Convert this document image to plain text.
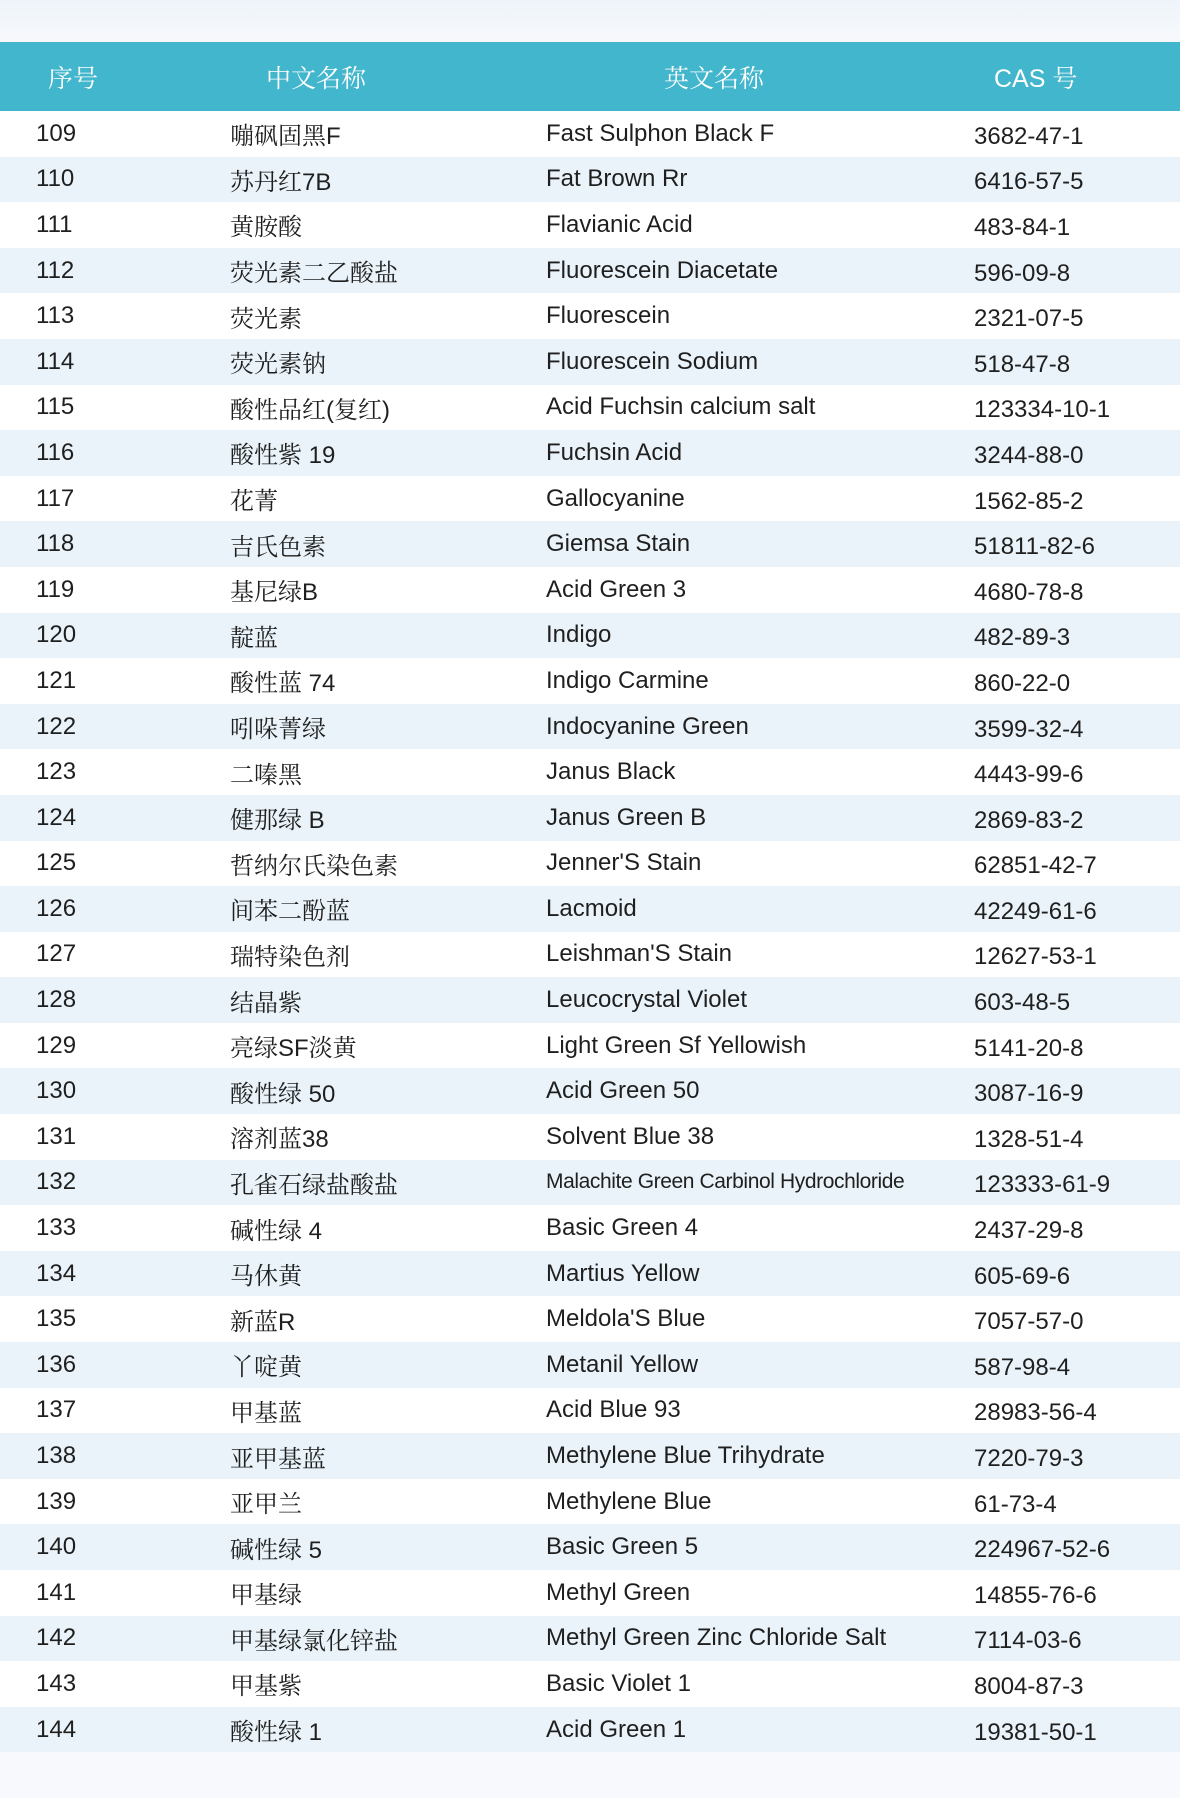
序号	中文名称	英文名称	CAS 号
109	嘣砜固黑F	Fast Sulphon Black F	3682-47-1
110	苏丹红7B	Fat Brown Rr	6416-57-5
111	黄胺酸	Flavianic Acid	483-84-1
112	荧光素二乙酸盐	Fluorescein Diacetate	596-09-8
113	荧光素	Fluorescein	2321-07-5
114	荧光素钠	Fluorescein Sodium	518-47-8
115	酸性品红(复红)	Acid Fuchsin calcium salt	123334-10-1
116	酸性紫 19	Fuchsin Acid	3244-88-0
117	花菁	Gallocyanine	1562-85-2
118	吉氏色素	Giemsa Stain	51811-82-6
119	基尼绿B	Acid Green 3	4680-78-8
120	靛蓝	Indigo	482-89-3
121	酸性蓝 74	Indigo Carmine	860-22-0
122	吲哚菁绿	Indocyanine Green	3599-32-4
123	二嗪黑	Janus Black	4443-99-6
124	健那绿 B	Janus Green B	2869-83-2
125	哲纳尔氏染色素	Jenner'S Stain	62851-42-7
126	间苯二酚蓝	Lacmoid	42249-61-6
127	瑞特染色剂	Leishman'S Stain	12627-53-1
128	结晶紫	Leucocrystal Violet	603-48-5
129	亮绿SF淡黄	Light Green Sf Yellowish	5141-20-8
130	酸性绿 50	Acid Green 50	3087-16-9
131	溶剂蓝38	Solvent Blue 38	1328-51-4
132	孔雀石绿盐酸盐	Malachite Green Carbinol Hydrochloride	123333-61-9
133	碱性绿 4	Basic Green 4	2437-29-8
134	马休黄	Martius Yellow	605-69-6
135	新蓝R	Meldola'S Blue	7057-57-0
136	丫啶黄	Metanil Yellow	587-98-4
137	甲基蓝	Acid Blue 93	28983-56-4
138	亚甲基蓝	Methylene Blue Trihydrate	7220-79-3
139	亚甲兰	Methylene Blue	61-73-4
140	碱性绿 5	Basic Green 5	224967-52-6
141	甲基绿	Methyl Green	14855-76-6
142	甲基绿氯化锌盐	Methyl Green Zinc Chloride Salt	7114-03-6
143	甲基紫	Basic Violet 1	8004-87-3
144	酸性绿 1	Acid Green 1	19381-50-1
